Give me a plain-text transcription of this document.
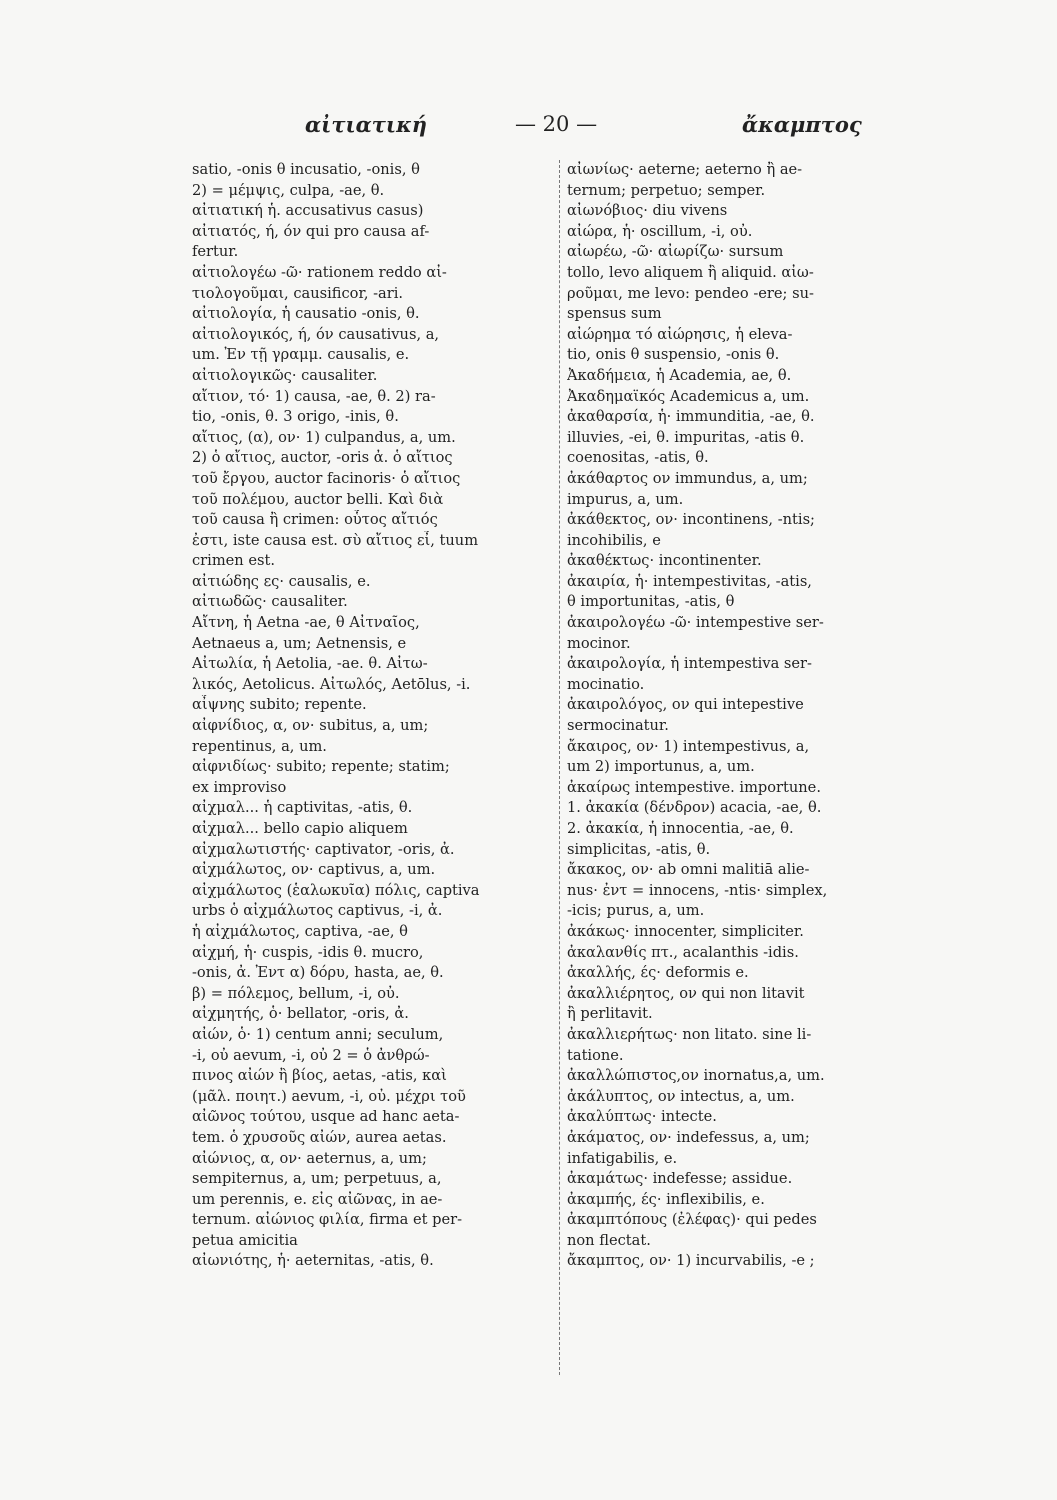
αἰτιατική	— 20 —	ἄκαμπτος
satio, -onis θ incusatio, -onis, θ
2) = μέμψις, culpa, -ae, θ.
αἰτιατική ἡ. accusativus casus)
αἰτιατός, ή, όν qui pro causa af-
fertur.
αἰτιολογέω -ῶ· rationem reddo αἰ-
τιολογοῦμαι, causificor, -ari.
αἰτιολογία, ἡ causatio -onis, θ.
αἰτιολογικός, ή, όν causativus, a,
um. Ἐν τῇ γραμμ. causalis, e.
αἰτιολογικῶς· causaliter.
αἴτιον, τό· 1) causa, -ae, θ. 2) ra-
tio, -onis, θ. 3 origo, -inis, θ.
αἴτιος, (α), ον· 1) culpandus, a, um.
2) ὁ αἴτιος, auctor, -oris ἀ. ὁ αἴτιος
τοῦ ἔργου, auctor facinoris· ὁ αἴτιος
τοῦ πολέμου, auctor belli. Καὶ διὰ
τοῦ causa ἢ crimen: οὗτος αἴτιός
ἐστι, iste causa est. σὺ αἴτιος εἶ, tuum
crimen est.
αἰτιώδης ες· causalis, e.
αἰτιωδῶς· causaliter.
Αἴτνη, ἡ Aetna -ae, θ Αἰτναῖος,
Aetnaeus a, um; Aetnensis, e
Αἰτωλία, ἡ Aetolia, -ae. θ. Αἰτω-
λικός, Aetolicus. Αἰτωλός, Aetōlus, -i.
αἶψνης subito; repente.
αἰφνίδιος, α, ον· subitus, a, um;
repentinus, a, um.
αἰφνιδίως· subito; repente; statim;
ex improviso
αἰχμαλ... ἡ captivitas, -atis, θ.
αἰχμαλ... bello capio aliquem
αἰχμαλωτιστής· captivator, -oris, ἀ.
αἰχμάλωτος, ον· captivus, a, um.
αἰχμάλωτος (ἑαλωκυῖα) πόλις, captiva
urbs ὁ αἰχμάλωτος captivus, -i, ἀ.
ἡ αἰχμάλωτος, captiva, -ae, θ
αἰχμή, ἡ· cuspis, -idis θ. mucro,
-onis, ἀ. Ἐντ α) δόρυ, hasta, ae, θ.
β) = πόλεμος, bellum, -i, οὐ.
αἰχμητής, ὁ· bellator, -oris, ἀ.
αἰών, ὁ· 1) centum anni; seculum,
-i, οὐ aevum, -i, οὐ 2 = ὁ ἀνθρώ-
πινος αἰών ἢ βίος, aetas, -atis, καὶ
(μᾶλ. ποιητ.) aevum, -i, οὐ. μέχρι τοῦ
αἰῶνος τούτου, usque ad hanc aeta-
tem. ὁ χρυσοῦς αἰών, aurea aetas.
αἰώνιος, α, ον· aeternus, a, um;
sempiternus, a, um; perpetuus, a,
um perennis, e. εἰς αἰῶνας, in ae-
ternum. αἰώνιος φιλία, firma et per-
petua amicitia
αἰωνιότης, ἡ· aeternitas, -atis, θ.
αἰωνίως· aeterne; aeterno ἢ ae-
ternum; perpetuo; semper.
αἰωνόβιος· diu vivens
αἰώρα, ἡ· oscillum, -i, οὐ.
αἰωρέω, -ῶ· αἰωρίζω· sursum
tollo, levo aliquem ἢ aliquid. αἰω-
ροῦμαι, me levo: pendeo -ere; su-
spensus sum
αἰώρημα τό αἰώρησις, ἡ eleva-
tio, onis θ suspensio, -onis θ.
Ἀκαδήμεια, ἡ Academia, ae, θ.
Ἀκαδημαϊκός Academicus a, um.
ἀκαθαρσία, ἡ· immunditia, -ae, θ.
illuvies, -ei, θ. impuritas, -atis θ.
coenositas, -atis, θ.
ἀκάθαρτος ον immundus, a, um;
impurus, a, um.
ἀκάθεκτος, ον· incontinens, -ntis;
incohibilis, e
ἀκαθέκτως· incontinenter.
ἀκαιρία, ἡ· intempestivitas, -atis,
θ importunitas, -atis, θ
ἀκαιρολογέω -ῶ· intempestive ser-
mocinor.
ἀκαιρολογία, ἡ intempestiva ser-
mocinatio.
ἀκαιρολόγος, ον qui intepestive
sermocinatur.
ἄκαιρος, ον· 1) intempestivus, a,
um 2) importunus, a, um.
ἀκαίρως intempestive. importune.
1. ἀκακία (δένδρον) acacia, -ae, θ.
2. ἀκακία, ἡ innocentia, -ae, θ.
simplicitas, -atis, θ.
ἄκακος, ον· ab omni malitiā alie-
nus· ἐντ = innocens, -ntis· simplex,
-icis; purus, a, um.
ἀκάκως· innocenter, simpliciter.
ἀκαλανθίς πτ., acalanthis -idis.
ἀκαλλής, ές· deformis e.
ἀκαλλιέρητος, ον qui non litavit
ἢ perlitavit.
ἀκαλλιερήτως· non litato. sine li-
tatione.
ἀκαλλώπιστος,ον inornatus,a, um.
ἀκάλυπτος, ον intectus, a, um.
ἀκαλύπτως· intecte.
ἀκάματος, ον· indefessus, a, um;
infatigabilis, e.
ἀκαμάτως· indefesse; assidue.
ἀκαμπής, ές· inflexibilis, e.
ἀκαμπτόπους (ἐλέφας)· qui pedes
non flectat.
ἄκαμπτος, ον· 1) incurvabilis, -e ;
